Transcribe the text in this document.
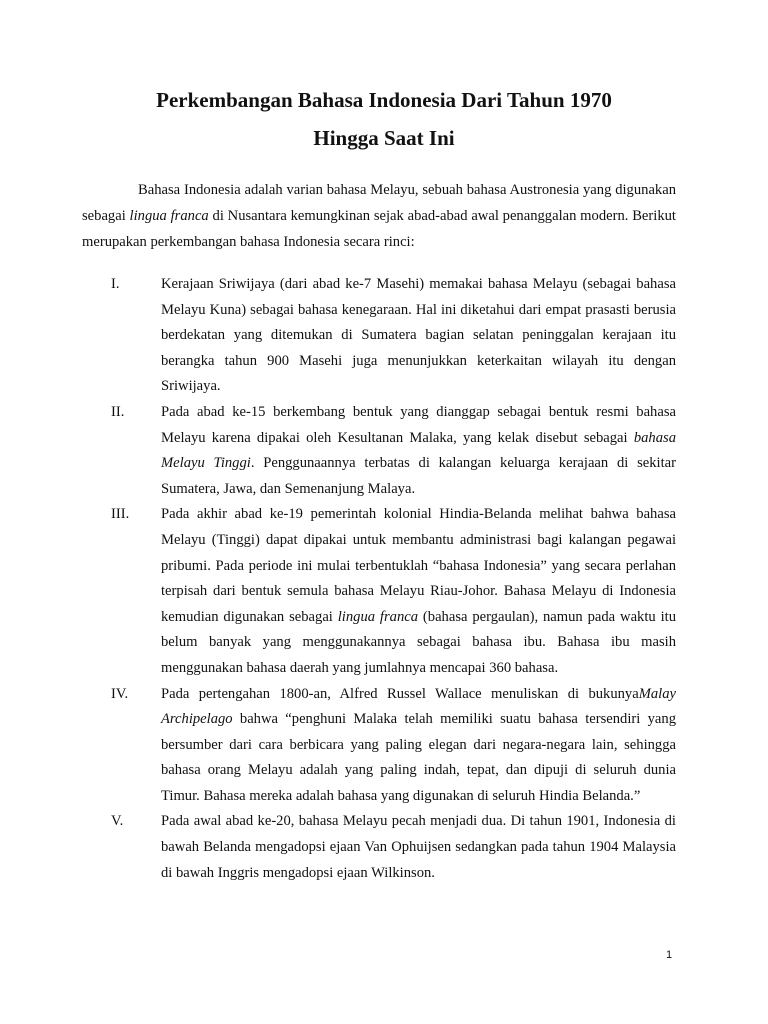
Perkembangan Bahasa Indonesia Dari Tahun 1970
Hingga Saat Ini

Bahasa Indonesia adalah varian bahasa Melayu, sebuah bahasa Austronesia yang digunakan sebagai lingua franca di Nusantara kemungkinan sejak abad-abad awal penanggalan modern. Berikut merupakan perkembangan bahasa Indonesia secara rinci:

I.	Kerajaan Sriwijaya (dari abad ke-7 Masehi) memakai bahasa Melayu (sebagai bahasa Melayu Kuna) sebagai bahasa kenegaraan. Hal ini diketahui dari empat prasasti berusia berdekatan yang ditemukan di Sumatera bagian selatan peninggalan kerajaan itu berangka tahun 900 Masehi juga menunjukkan keterkaitan wilayah itu dengan Sriwijaya.
II.	Pada abad ke-15 berkembang bentuk yang dianggap sebagai bentuk resmi bahasa Melayu karena dipakai oleh Kesultanan Malaka, yang kelak disebut sebagai bahasa Melayu Tinggi. Penggunaannya terbatas di kalangan keluarga kerajaan di sekitar Sumatera, Jawa, dan Semenanjung Malaya.
III.	Pada akhir abad ke-19 pemerintah kolonial Hindia-Belanda melihat bahwa bahasa Melayu (Tinggi) dapat dipakai untuk membantu administrasi bagi kalangan pegawai pribumi. Pada periode ini mulai terbentuklah “bahasa Indonesia” yang secara perlahan terpisah dari bentuk semula bahasa Melayu Riau-Johor. Bahasa Melayu di Indonesia kemudian digunakan sebagai lingua franca (bahasa pergaulan), namun pada waktu itu belum banyak yang menggunakannya sebagai bahasa ibu. Bahasa ibu masih menggunakan bahasa daerah yang jumlahnya mencapai 360 bahasa.
IV.	Pada pertengahan 1800-an, Alfred Russel Wallace menuliskan di bukunyaMalay Archipelago bahwa “penghuni Malaka telah memiliki suatu bahasa tersendiri yang bersumber dari cara berbicara yang paling elegan dari negara-negara lain, sehingga bahasa orang Melayu adalah yang paling indah, tepat, dan dipuji di seluruh dunia Timur. Bahasa mereka adalah bahasa yang digunakan di seluruh Hindia Belanda.”
V.	Pada awal abad ke-20, bahasa Melayu pecah menjadi dua. Di tahun 1901, Indonesia di bawah Belanda mengadopsi ejaan Van Ophuijsen sedangkan pada tahun 1904 Malaysia di bawah Inggris mengadopsi ejaan Wilkinson.
1
